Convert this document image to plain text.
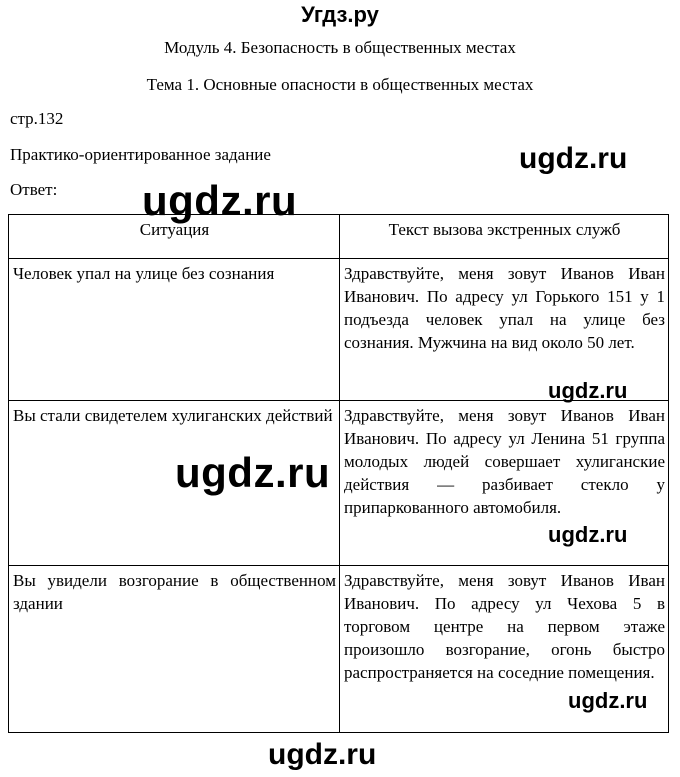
Угдз.ру
Модуль 4. Безопасность в общественных местах
Тема 1. Основные опасности в общественных местах
стр.132
Практико-ориентированное задание
Ответ:
Ситуация	Текст вызова экстренных служб
Человек упал на улице без сознания	Здравствуйте, меня зовут Иванов Иван Иванович. По адресу ул Горького 151 у 1 подъезда человек упал на улице без сознания. Мужчина на вид около 50 лет.
Вы стали свидетелем хулиганских действий	Здравствуйте, меня зовут Иванов Иван Иванович. По адресу ул Ленина 51 группа молодых людей совершает хулиганские действия — разбивает стекло у припаркованного автомобиля.
Вы увидели возгорание в общественном здании	Здравствуйте, меня зовут Иванов Иван Иванович. По адресу ул Чехова 5 в торговом центре на первом этаже произошло возгорание, огонь быстро распространяется на соседние помещения.
ugdz.ru
ugdz.ru
ugdz.ru
ugdz.ru
ugdz.ru
ugdz.ru
ugdz.ru
